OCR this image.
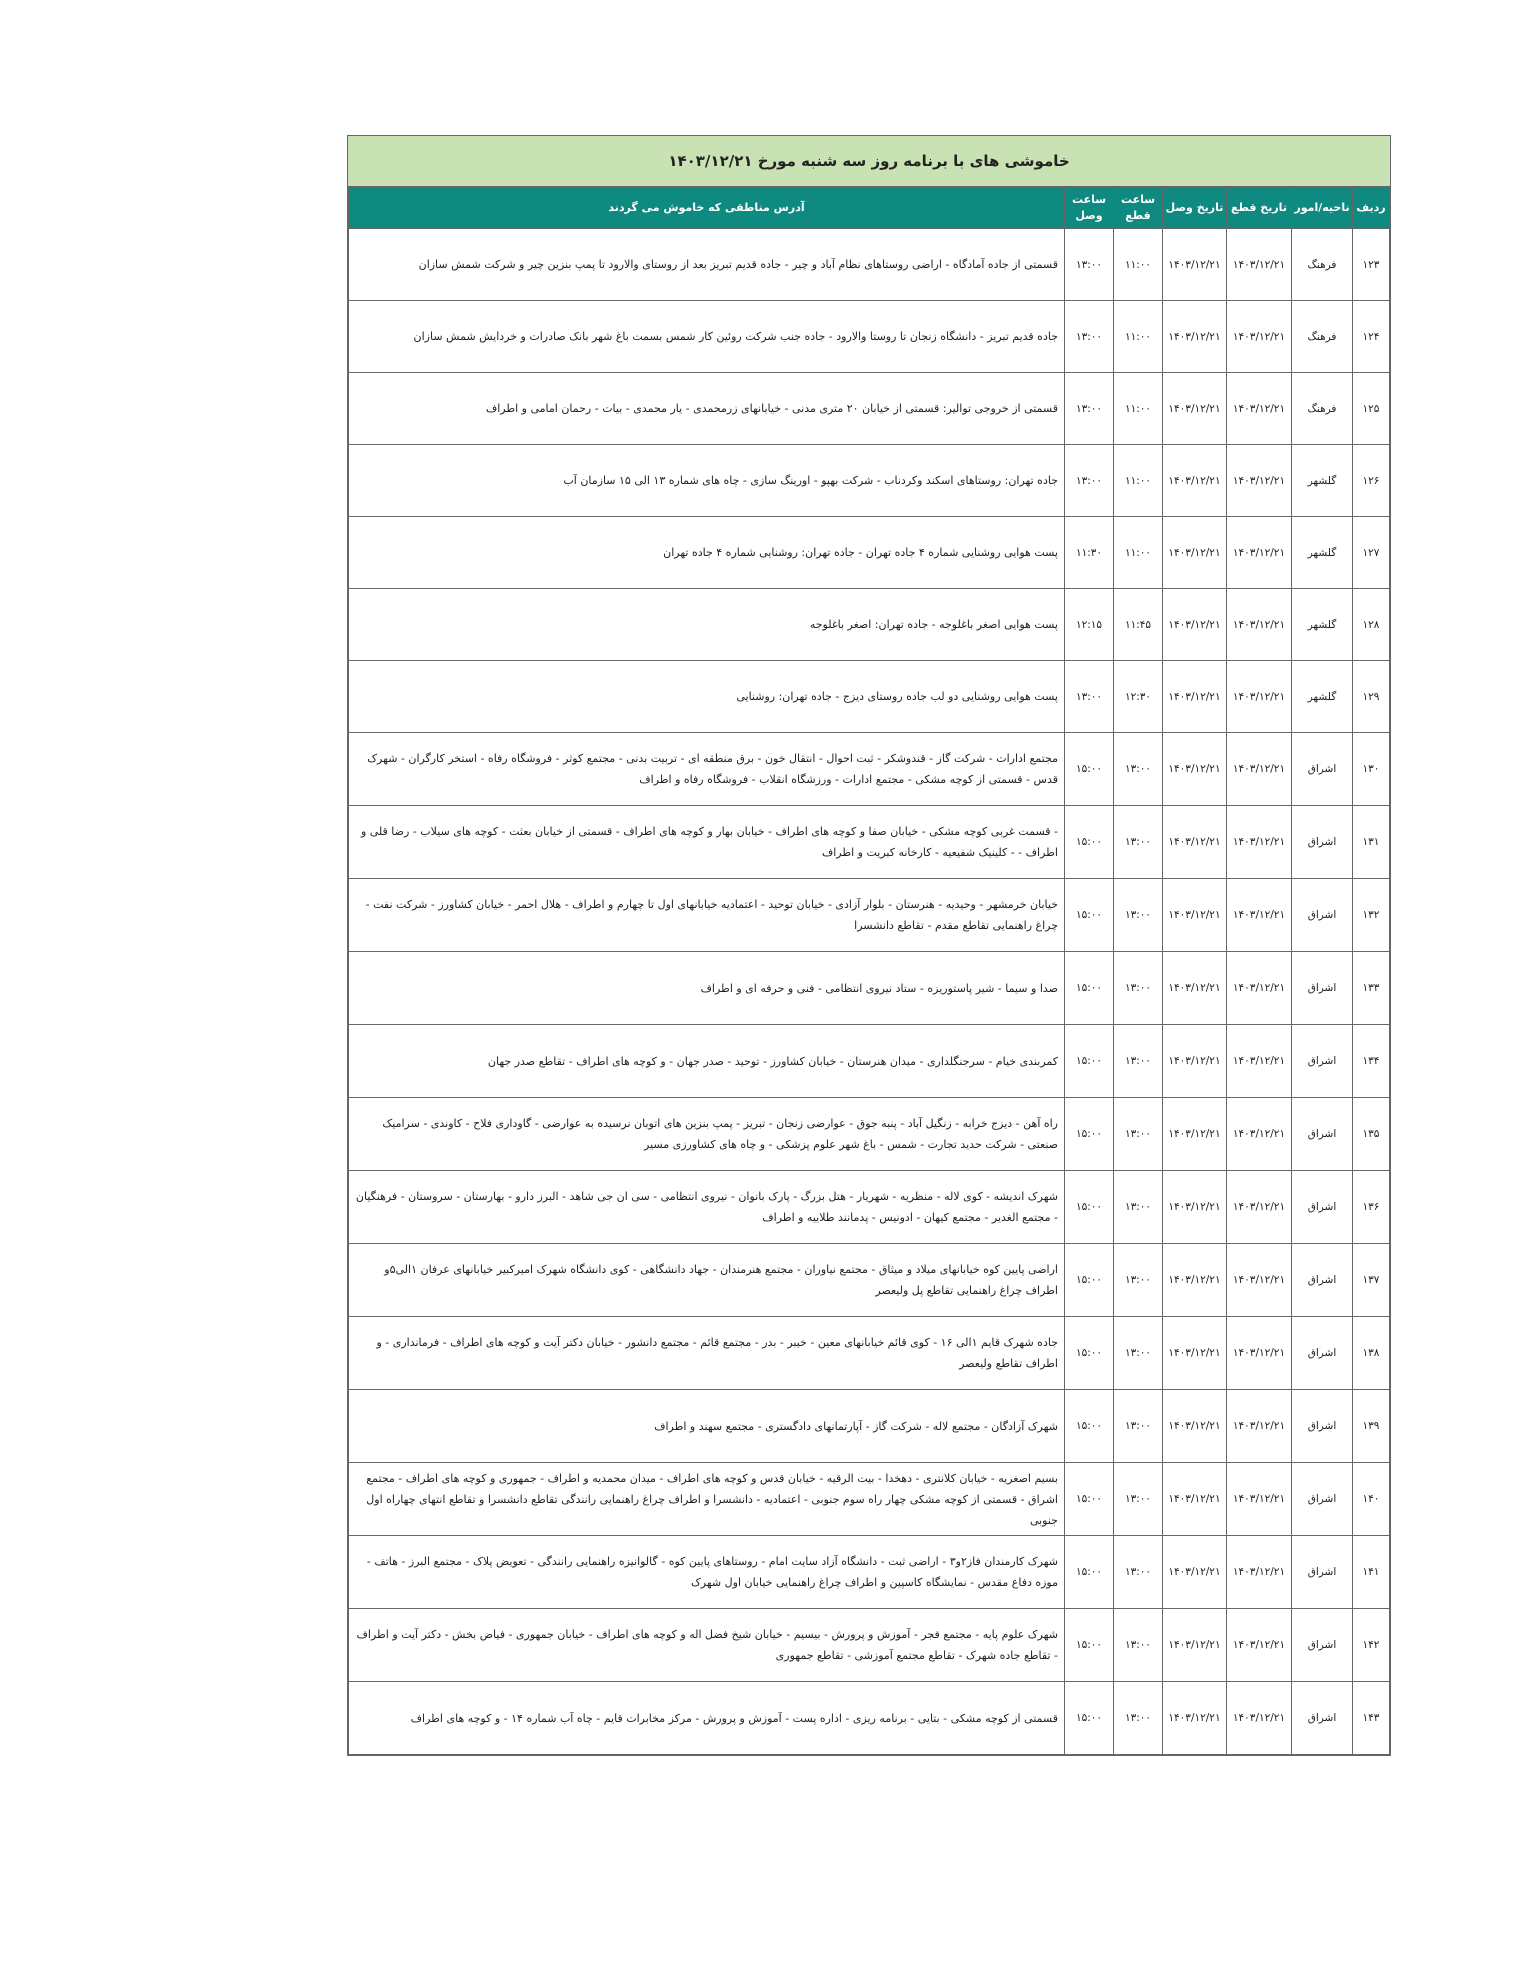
خاموشی های با برنامه روز سه شنبه مورخ ۱۴۰۳/۱۲/۲۱
ردیف	ناحیه/امور	تاریخ قطع	تاریخ وصل	ساعت قطع	ساعت وصل	آدرس مناطقی که خاموش می گردند
۱۲۳	فرهنگ	۱۴۰۳/۱۲/۲۱	۱۴۰۳/۱۲/۲۱	۱۱:۰۰	۱۳:۰۰	قسمتی از جاده آمادگاه - اراضی روستاهای نظام آباد و چیر - جاده قدیم تبریز بعد از روستای والارود تا پمپ بنزین چیر و شرکت شمش سازان
۱۲۴	فرهنگ	۱۴۰۳/۱۲/۲۱	۱۴۰۳/۱۲/۲۱	۱۱:۰۰	۱۳:۰۰	جاده قدیم تبریز - دانشگاه زنجان تا روستا والارود - جاده جنب شرکت روئین کار شمس بسمت باغ شهر بانک صادرات و خردایش شمش سازان
۱۲۵	فرهنگ	۱۴۰۳/۱۲/۲۱	۱۴۰۳/۱۲/۲۱	۱۱:۰۰	۱۳:۰۰	قسمتی از خروجی توالیر: قسمتی از خیابان ۲۰ متری مدنی - خیابانهای زرمحمدی - یار محمدی - بیات - رحمان امامی و اطراف
۱۲۶	گلشهر	۱۴۰۳/۱۲/۲۱	۱۴۰۳/۱۲/۲۱	۱۱:۰۰	۱۳:۰۰	جاده تهران: روستاهای اسکند وکردناب - شرکت بهپو - اورینگ سازی - چاه های شماره ۱۳ الی ۱۵ سازمان آب
۱۲۷	گلشهر	۱۴۰۳/۱۲/۲۱	۱۴۰۳/۱۲/۲۱	۱۱:۰۰	۱۱:۳۰	پست هوایی روشنایی شماره ۴ جاده تهران - جاده تهران: روشنایی شماره ۴ جاده تهران
۱۲۸	گلشهر	۱۴۰۳/۱۲/۲۱	۱۴۰۳/۱۲/۲۱	۱۱:۴۵	۱۲:۱۵	پست هوایی اصغر باغلوجه - جاده تهران: اصغر باغلوجه
۱۲۹	گلشهر	۱۴۰۳/۱۲/۲۱	۱۴۰۳/۱۲/۲۱	۱۲:۳۰	۱۳:۰۰	پست هوایی روشنایی دو لب جاده روستای دیزج - جاده تهران: روشنایی
۱۳۰	اشراق	۱۴۰۳/۱۲/۲۱	۱۴۰۳/۱۲/۲۱	۱۳:۰۰	۱۵:۰۰	مجتمع ادارات - شرکت گاز - قندوشکر - ثبت احوال - انتقال خون - برق منطقه ای - تربیت بدنی - مجتمع کوثر - فروشگاه رفاه - استخر کارگران - شهرک قدس - قسمتی از کوچه مشکی - مجتمع ادارات - ورزشگاه انقلاب - فروشگاه رفاه و اطراف
۱۳۱	اشراق	۱۴۰۳/۱۲/۲۱	۱۴۰۳/۱۲/۲۱	۱۳:۰۰	۱۵:۰۰	- قسمت غربی کوچه مشکی - خیابان صفا و کوچه های اطراف - خیابان بهار و کوچه های اطراف - قسمتی از خیابان بعثت - کوچه های سیلاب - رضا قلی و اطراف - - کلینیک شفیعیه - کارخانه کبریت و اطراف
۱۳۲	اشراق	۱۴۰۳/۱۲/۲۱	۱۴۰۳/۱۲/۲۱	۱۳:۰۰	۱۵:۰۰	خیابان خرمشهر - وحیدیه - هنرستان - بلوار آزادی - خیابان توحید - اعتمادیه خیابانهای اول تا چهارم و اطراف - هلال احمر - خیابان کشاورز - شرکت نفت - چراغ راهنمایی تقاطع مقدم - تقاطع دانشسرا
۱۳۳	اشراق	۱۴۰۳/۱۲/۲۱	۱۴۰۳/۱۲/۲۱	۱۳:۰۰	۱۵:۰۰	صدا و سیما - شیر پاستوریزه - ستاد نیروی انتظامی - فنی و حرفه ای و اطراف
۱۳۴	اشراق	۱۴۰۳/۱۲/۲۱	۱۴۰۳/۱۲/۲۱	۱۳:۰۰	۱۵:۰۰	کمربندی خیام - سرجنگلداری - میدان هنرستان - خیابان کشاورز - توحید - صدر جهان - و کوچه های اطراف - تقاطع صدر جهان
۱۳۵	اشراق	۱۴۰۳/۱۲/۲۱	۱۴۰۳/۱۲/۲۱	۱۳:۰۰	۱۵:۰۰	راه آهن - دیزج خرابه - زنگیل آباد - پنبه جوق - عوارضی زنجان - تبریز - پمپ بنزین های اتوبان نرسیده به عوارضی - گاوداری فلاح - کاوندی - سرامیک صنعتی - شرکت حدید تجارت - شمس - باغ شهر علوم پزشکی - و چاه های کشاورزی مسیر
۱۳۶	اشراق	۱۴۰۳/۱۲/۲۱	۱۴۰۳/۱۲/۲۱	۱۳:۰۰	۱۵:۰۰	شهرک اندیشه - کوی لاله - منظریه - شهریار - هتل بزرگ - پارک بانوان - نیروی انتظامی - سی ان جی شاهد - البرز دارو - بهارستان - سروستان - فرهنگیان - مجتمع الغدیر - مجتمع کیهان - ادونیس - پدمانند طلاییه و اطراف
۱۳۷	اشراق	۱۴۰۳/۱۲/۲۱	۱۴۰۳/۱۲/۲۱	۱۳:۰۰	۱۵:۰۰	اراضی پایین کوه خیابانهای میلاد و میثاق - مجتمع نیاوران - مجتمع هنرمندان - جهاد دانشگاهی - کوی دانشگاه شهرک امیرکبیر خیابانهای عرفان ۱الی۵و اطراف چراغ راهنمایی تقاطع پل ولیعصر
۱۳۸	اشراق	۱۴۰۳/۱۲/۲۱	۱۴۰۳/۱۲/۲۱	۱۳:۰۰	۱۵:۰۰	جاده شهرک قایم ۱الی ۱۶ - کوی قائم خیابانهای معین - خیبر - بدر - مجتمع قائم - مجتمع دانشور - خیابان دکتر آیت و کوچه های اطراف - فرمانداری - و اطراف تقاطع ولیعصر
۱۳۹	اشراق	۱۴۰۳/۱۲/۲۱	۱۴۰۳/۱۲/۲۱	۱۳:۰۰	۱۵:۰۰	شهرک آزادگان - مجتمع لاله - شرکت گاز - آپارتمانهای دادگستری - مجتمع سهند و اطراف
۱۴۰	اشراق	۱۴۰۳/۱۲/۲۱	۱۴۰۳/۱۲/۲۱	۱۳:۰۰	۱۵:۰۰	بسیم اصغریه - خیابان کلانتری - دهخدا - بیت الرقیه - خیابان قدس و کوچه های اطراف - میدان محمدیه و اطراف - جمهوری و کوچه های اطراف - مجتمع اشراق - قسمتی از کوچه مشکی چهار راه سوم جنوبی - اعتمادیه - دانشسرا و اطراف چراغ راهنمایی رانندگی تقاطع دانشسرا و تقاطع انتهای چهاراه اول جنوبی
۱۴۱	اشراق	۱۴۰۳/۱۲/۲۱	۱۴۰۳/۱۲/۲۱	۱۳:۰۰	۱۵:۰۰	شهرک کارمندان فاز۲و۳ - اراضی ثبت - دانشگاه آزاد سایت امام - روستاهای پایین کوه - گالوانیزه راهنمایی رانندگی - تعویض پلاک - مجتمع البرز - هاتف - موزه دفاع مقدس - نمایشگاه کاسپین و اطراف چراغ راهنمایی خیابان اول شهرک
۱۴۲	اشراق	۱۴۰۳/۱۲/۲۱	۱۴۰۳/۱۲/۲۱	۱۳:۰۰	۱۵:۰۰	شهرک علوم پایه - مجتمع فجر - آموزش و پرورش - بیسیم - خیابان شیخ فضل اله و کوچه های اطراف - خیابان جمهوری - فیاض بخش - دکتر آیت و اطراف - تقاطع جاده شهرک - تقاطع مجتمع آموزشی - تقاطع جمهوری
۱۴۳	اشراق	۱۴۰۳/۱۲/۲۱	۱۴۰۳/۱۲/۲۱	۱۳:۰۰	۱۵:۰۰	قسمتی از کوچه مشکی - بتایی - برنامه ریزی - اداره پست - آموزش و پرورش - مرکز مخابرات قایم - چاه آب شماره ۱۴ - و کوچه های اطراف
